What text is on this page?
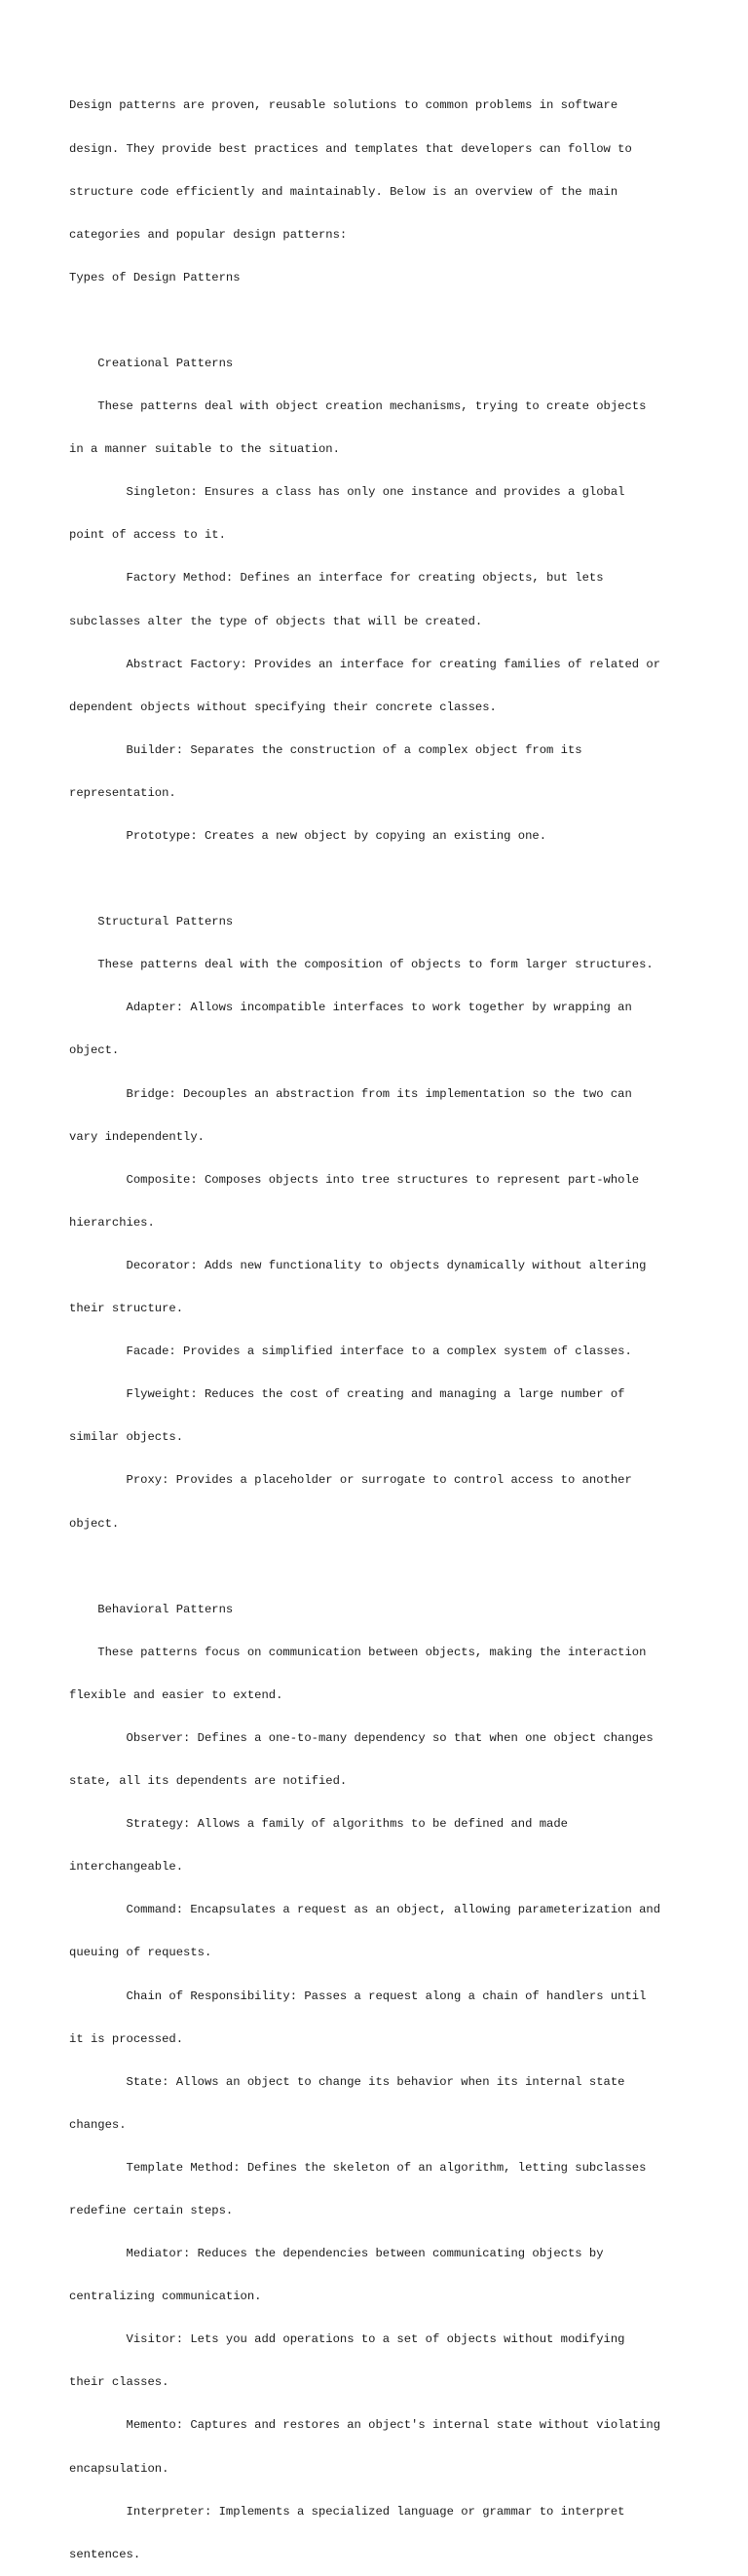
Design patterns are proven, reusable solutions to common problems in software

design. They provide best practices and templates that developers can follow to

structure code efficiently and maintainably. Below is an overview of the main

categories and popular design patterns:

Types of Design Patterns

Creational Patterns

These patterns deal with object creation mechanisms, trying to create objects

in a manner suitable to the situation.

Singleton: Ensures a class has only one instance and provides a global

point of access to it.

Factory Method: Defines an interface for creating objects, but lets

subclasses alter the type of objects that will be created.

Abstract Factory: Provides an interface for creating families of related or

dependent objects without specifying their concrete classes.

Builder: Separates the construction of a complex object from its

representation.

Prototype: Creates a new object by copying an existing one.

Structural Patterns

These patterns deal with the composition of objects to form larger structures.

Adapter: Allows incompatible interfaces to work together by wrapping an

object.

Bridge: Decouples an abstraction from its implementation so the two can

vary independently.

Composite: Composes objects into tree structures to represent part-whole

hierarchies.

Decorator: Adds new functionality to objects dynamically without altering

their structure.

Facade: Provides a simplified interface to a complex system of classes.

Flyweight: Reduces the cost of creating and managing a large number of

similar objects.

Proxy: Provides a placeholder or surrogate to control access to another

object.

Behavioral Patterns

These patterns focus on communication between objects, making the interaction

flexible and easier to extend.

Observer: Defines a one-to-many dependency so that when one object changes

state, all its dependents are notified.

Strategy: Allows a family of algorithms to be defined and made

interchangeable.

Command: Encapsulates a request as an object, allowing parameterization and

queuing of requests.

Chain of Responsibility: Passes a request along a chain of handlers until

it is processed.

State: Allows an object to change its behavior when its internal state

changes.

Template Method: Defines the skeleton of an algorithm, letting subclasses

redefine certain steps.

Mediator: Reduces the dependencies between communicating objects by

centralizing communication.

Visitor: Lets you add operations to a set of objects without modifying

their classes.

Memento: Captures and restores an object's internal state without violating

encapsulation.

Interpreter: Implements a specialized language or grammar to interpret

sentences.
